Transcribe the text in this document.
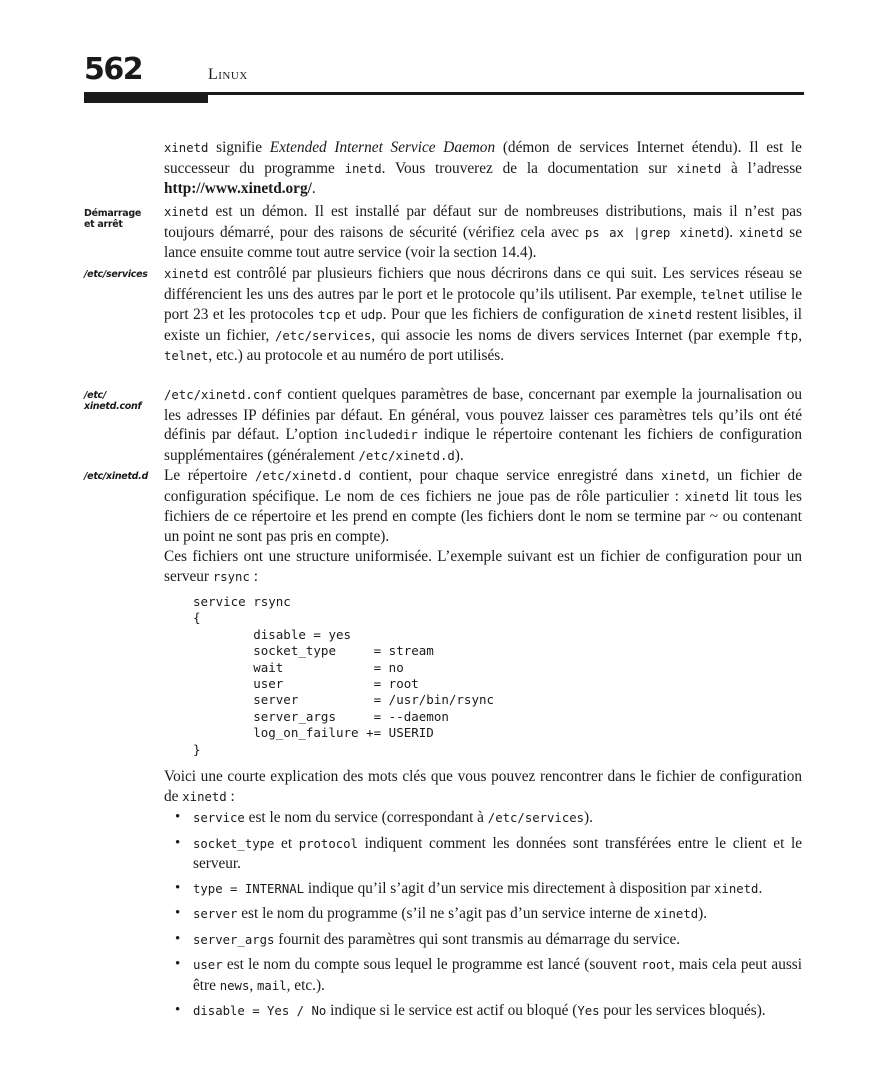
562	Linux

xinetd signifie Extended Internet Service Daemon (démon de services Internet étendu). Il est le successeur du programme inetd. Vous trouverez de la documentation sur xinetd à l’adresse http://www.xinetd.org/.

Démarrage
et arrêt

xinetd est un démon. Il est installé par défaut sur de nombreuses distributions, mais il n’est pas toujours démarré, pour des raisons de sécurité (vérifiez cela avec ps ax |grep xinetd). xinetd se lance ensuite comme tout autre service (voir la section 14.4).

/etc/services	xinetd est contrôlé par plusieurs fichiers que nous décrirons dans ce qui suit. Les services réseau se différencient les uns des autres par le port et le protocole qu’ils utilisent. Par exemple, telnet utilise le port 23 et les protocoles tcp et udp. Pour que les fichiers de configuration de xinetd restent lisibles, il existe un fichier, /etc/services, qui associe les noms de divers services Internet (par exemple ftp, telnet, etc.) au protocole et au numéro de port utilisés.

/etc/
xinetd.conf

/etc/xinetd.conf contient quelques paramètres de base, concernant par exemple la journalisation ou les adresses IP définies par défaut. En général, vous pouvez laisser ces paramètres tels qu’ils ont été définis par défaut. L’option includedir indique le répertoire contenant les fichiers de configuration supplémentaires (généralement /etc/xinetd.d).

/etc/xinetd.d	Le répertoire /etc/xinetd.d contient, pour chaque service enregistré dans xinetd, un fichier de configuration spécifique. Le nom de ces fichiers ne joue pas de rôle particulier : xinetd lit tous les fichiers de ce répertoire et les prend en compte (les fichiers dont le nom se termine par ~ ou contenant un point ne sont pas pris en compte).

Ces fichiers ont une structure uniformisée. L’exemple suivant est un fichier de configuration pour un serveur rsync :

service rsync
{
disable = yes
socket_type     = stream
wait            = no
user            = root
server          = /usr/bin/rsync
server_args     = --daemon
log_on_failure += USERID
}

Voici une courte explication des mots clés que vous pouvez rencontrer dans le fichier de configuration de xinetd :

• service est le nom du service (correspondant à /etc/services).
• socket_type et protocol indiquent comment les données sont transférées entre le client et le serveur.
• type = INTERNAL indique qu’il s’agit d’un service mis directement à disposition par xinetd.
• server est le nom du programme (s’il ne s’agit pas d’un service interne de xinetd).
• server_args fournit des paramètres qui sont transmis au démarrage du service.
• user est le nom du compte sous lequel le programme est lancé (souvent root, mais cela peut aussi être news, mail, etc.).
• disable = Yes / No indique si le service est actif ou bloqué (Yes pour les services bloqués).
